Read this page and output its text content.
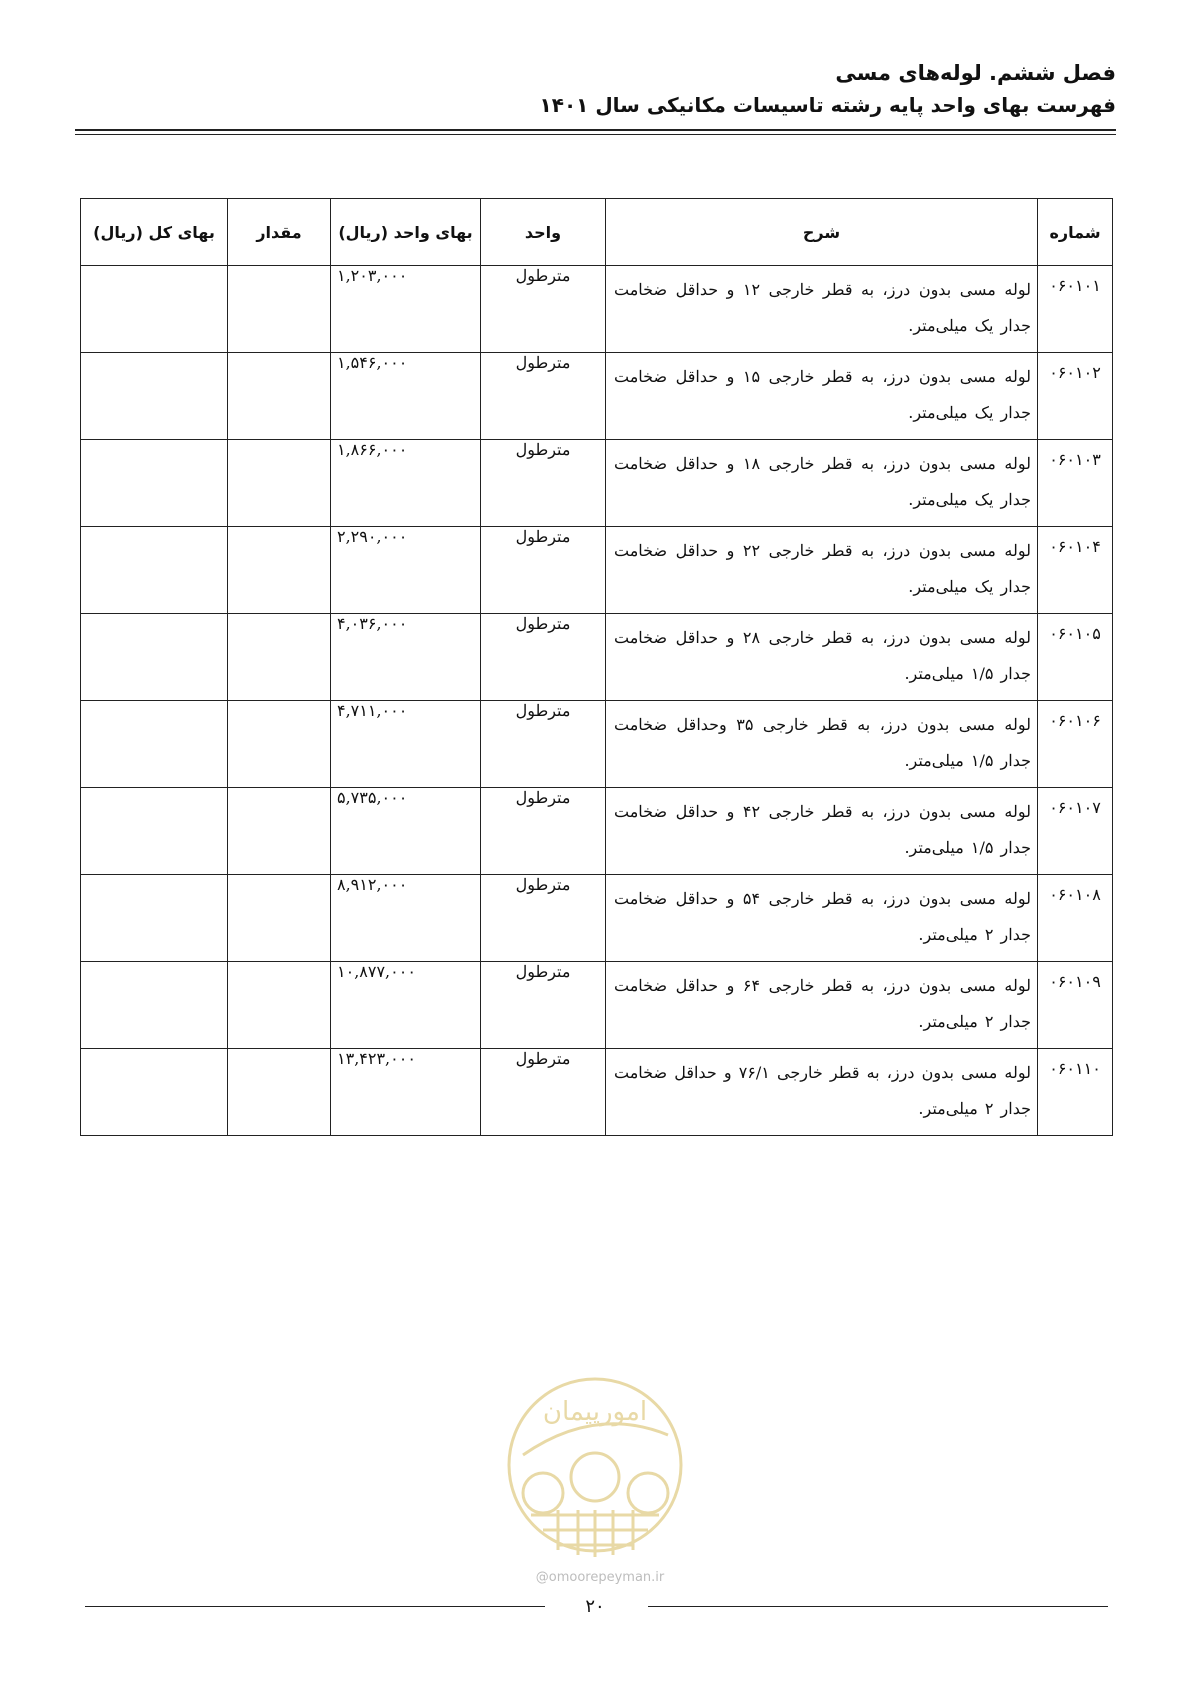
فصل ششم. لوله‌های مسی
فهرست بهای واحد پایه رشته تاسیسات مکانیکی سال ۱۴۰۱
شماره	شرح	واحد	بهای واحد (ریال)	مقدار	بهای کل (ریال)
۰۶۰۱۰۱	لوله مسی بدون درز، به قطر خارجی ۱۲ و حداقل ضخامت جدار یک میلی‌متر.	مترطول	۱,۲۰۳,۰۰۰		
۰۶۰۱۰۲	لوله مسی بدون درز، به قطر خارجی ۱۵ و حداقل ضخامت جدار یک میلی‌متر.	مترطول	۱,۵۴۶,۰۰۰		
۰۶۰۱۰۳	لوله مسی بدون درز، به قطر خارجی ۱۸ و حداقل ضخامت جدار یک میلی‌متر.	مترطول	۱,۸۶۶,۰۰۰		
۰۶۰۱۰۴	لوله مسی بدون درز، به قطر خارجی ۲۲ و حداقل ضخامت جدار یک میلی‌متر.	مترطول	۲,۲۹۰,۰۰۰		
۰۶۰۱۰۵	لوله مسی بدون درز، به قطر خارجی ۲۸ و حداقل ضخامت جدار ۱/۵ میلی‌متر.	مترطول	۴,۰۳۶,۰۰۰		
۰۶۰۱۰۶	لوله مسی بدون درز، به قطر خارجی ۳۵ وحداقل ضخامت جدار ۱/۵ میلی‌متر.	مترطول	۴,۷۱۱,۰۰۰		
۰۶۰۱۰۷	لوله مسی بدون درز، به قطر خارجی ۴۲ و حداقل ضخامت جدار ۱/۵ میلی‌متر.	مترطول	۵,۷۳۵,۰۰۰		
۰۶۰۱۰۸	لوله مسی بدون درز، به قطر خارجی ۵۴ و حداقل ضخامت جدار ۲ میلی‌متر.	مترطول	۸,۹۱۲,۰۰۰		
۰۶۰۱۰۹	لوله مسی بدون درز، به قطر خارجی ۶۴ و حداقل ضخامت جدار ۲ میلی‌متر.	مترطول	۱۰,۸۷۷,۰۰۰		
۰۶۰۱۱۰	لوله مسی بدون درز، به قطر خارجی ۷۶/۱ و حداقل ضخامت جدار ۲ میلی‌متر.	مترطول	۱۳,۴۲۳,۰۰۰		
امورپیمان
@omoorepeyman.ir
۲۰
